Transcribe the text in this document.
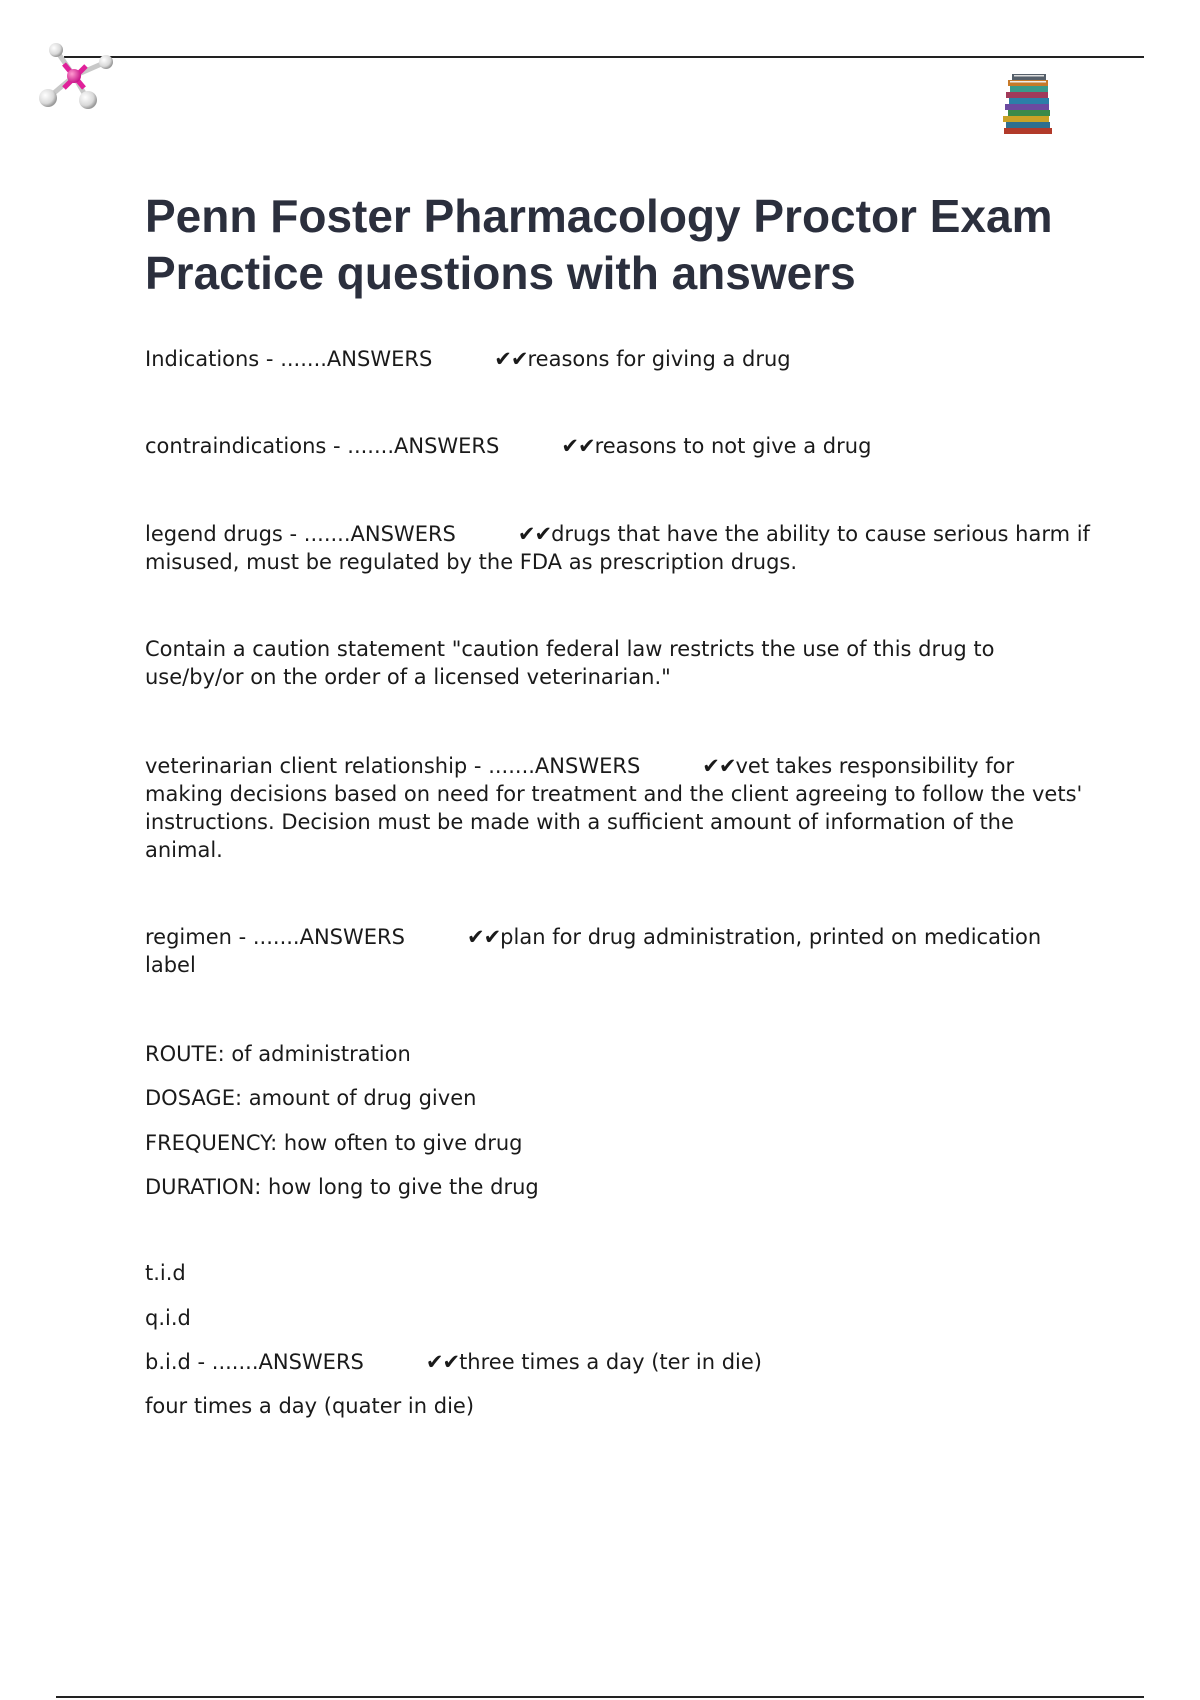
Penn Foster Pharmacology Proctor Exam Practice questions with answers

Indications - .......ANSWERS	✔✔reasons for giving a drug

contraindications - .......ANSWERS	✔✔reasons to not give a drug

legend drugs - .......ANSWERS	✔✔drugs that have the ability to cause serious harm if misused, must be regulated by the FDA as prescription drugs.

Contain a caution statement "caution federal law restricts the use of this drug to use/by/or on the order of a licensed veterinarian."

veterinarian client relationship - .......ANSWERS	✔✔vet takes responsibility for making decisions based on need for treatment and the client agreeing to follow the vets' instructions. Decision must be made with a sufficient amount of information of the animal.

regimen - .......ANSWERS	✔✔plan for drug administration, printed on medication label

ROUTE: of administration

DOSAGE: amount of drug given

FREQUENCY: how often to give drug

DURATION: how long to give the drug

t.i.d

q.i.d

b.i.d - .......ANSWERS	✔✔three times a day (ter in die)

four times a day (quater in die)
